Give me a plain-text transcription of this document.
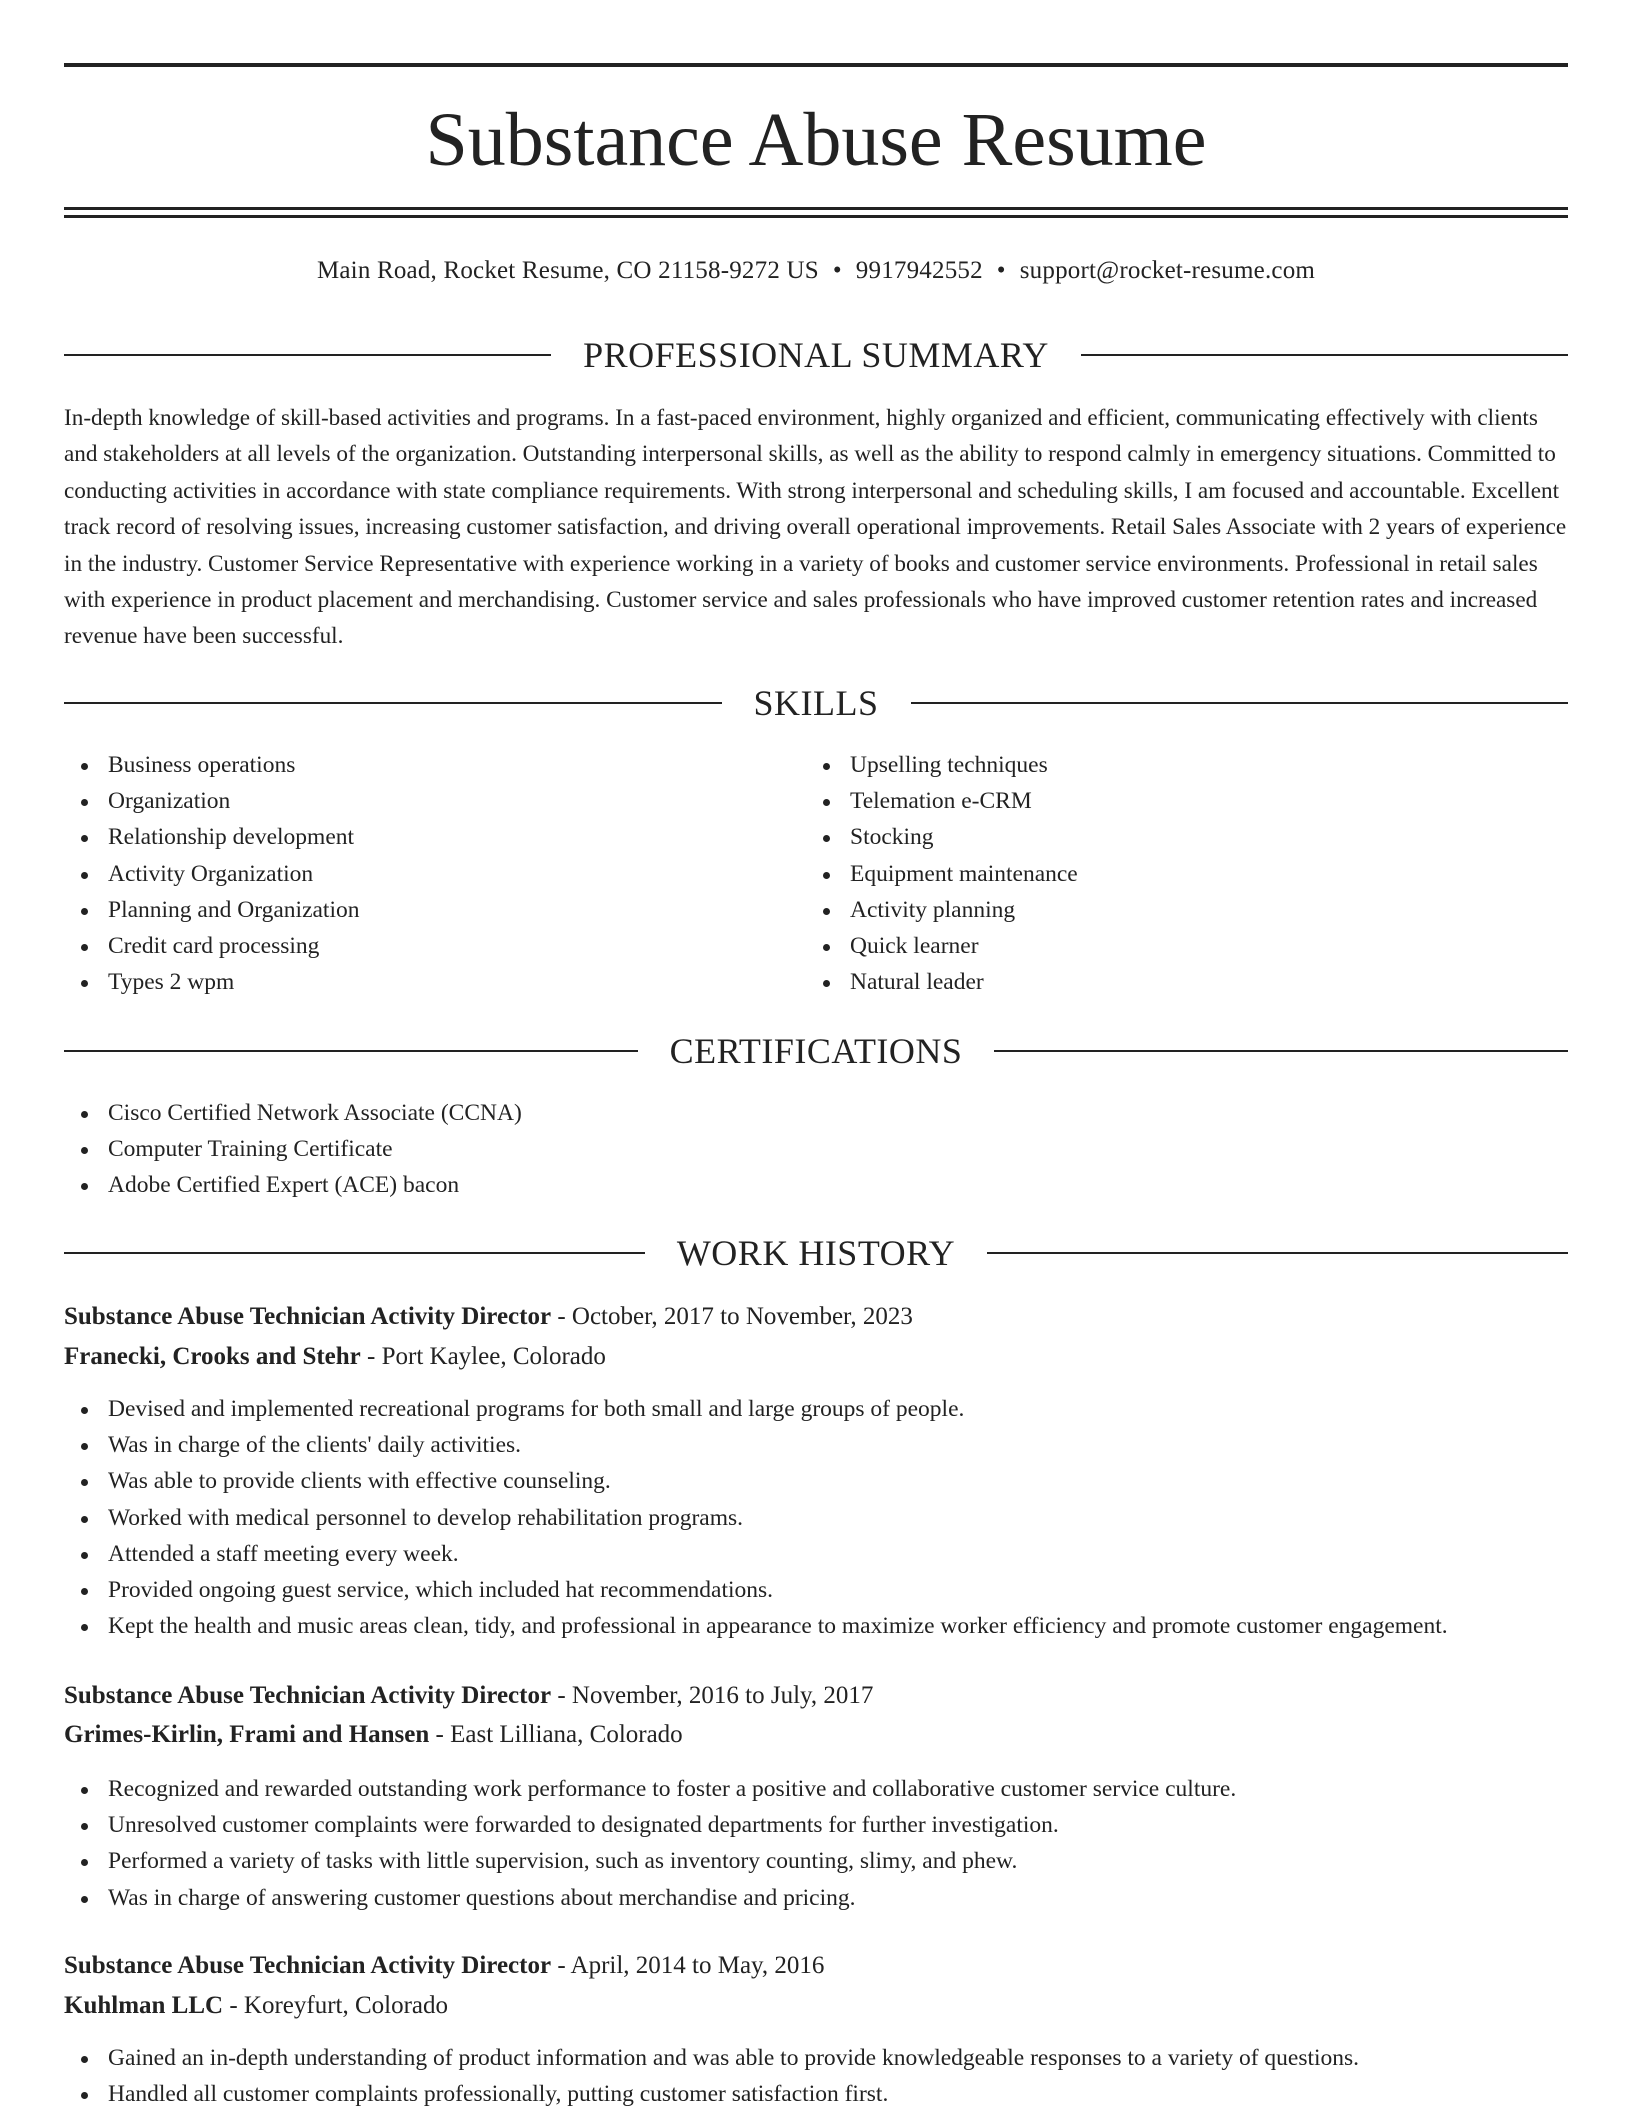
Substance Abuse Resume
Main Road, Rocket Resume, CO 21158-9272 US • 9917942552 • support@rocket-resume.com
PROFESSIONAL SUMMARY

In-depth knowledge of skill-based activities and programs. In a fast-paced environment, highly organized and efficient, communicating effectively with clients and stakeholders at all levels of the organization. Outstanding interpersonal skills, as well as the ability to respond calmly in emergency situations. Committed to conducting activities in accordance with state compliance requirements. With strong interpersonal and scheduling skills, I am focused and accountable. Excellent track record of resolving issues, increasing customer satisfaction, and driving overall operational improvements. Retail Sales Associate with 2 years of experience in the industry. Customer Service Representative with experience working in a variety of books and customer service environments. Professional in retail sales with experience in product placement and merchandising. Customer service and sales professionals who have improved customer retention rates and increased revenue have been successful.

SKILLS
Business operations
Organization
Relationship development
Activity Organization
Planning and Organization
Credit card processing
Types 2 wpm
Upselling techniques
Telemation e-CRM
Stocking
Equipment maintenance
Activity planning
Quick learner
Natural leader
CERTIFICATIONS
Cisco Certified Network Associate (CCNA)
Computer Training Certificate
Adobe Certified Expert (ACE) bacon
WORK HISTORY
Substance Abuse Technician Activity Director - October, 2017 to November, 2023
Franecki, Crooks and Stehr - Port Kaylee, Colorado
Devised and implemented recreational programs for both small and large groups of people.
Was in charge of the clients' daily activities.
Was able to provide clients with effective counseling.
Worked with medical personnel to develop rehabilitation programs.
Attended a staff meeting every week.
Provided ongoing guest service, which included hat recommendations.
Kept the health and music areas clean, tidy, and professional in appearance to maximize worker efficiency and promote customer engagement.
Substance Abuse Technician Activity Director - November, 2016 to July, 2017
Grimes-Kirlin, Frami and Hansen - East Lilliana, Colorado
Recognized and rewarded outstanding work performance to foster a positive and collaborative customer service culture.
Unresolved customer complaints were forwarded to designated departments for further investigation.
Performed a variety of tasks with little supervision, such as inventory counting, slimy, and phew.
Was in charge of answering customer questions about merchandise and pricing.
Substance Abuse Technician Activity Director - April, 2014 to May, 2016
Kuhlman LLC - Koreyfurt, Colorado
Gained an in-depth understanding of product information and was able to provide knowledgeable responses to a variety of questions.
Handled all customer complaints professionally, putting customer satisfaction first.
